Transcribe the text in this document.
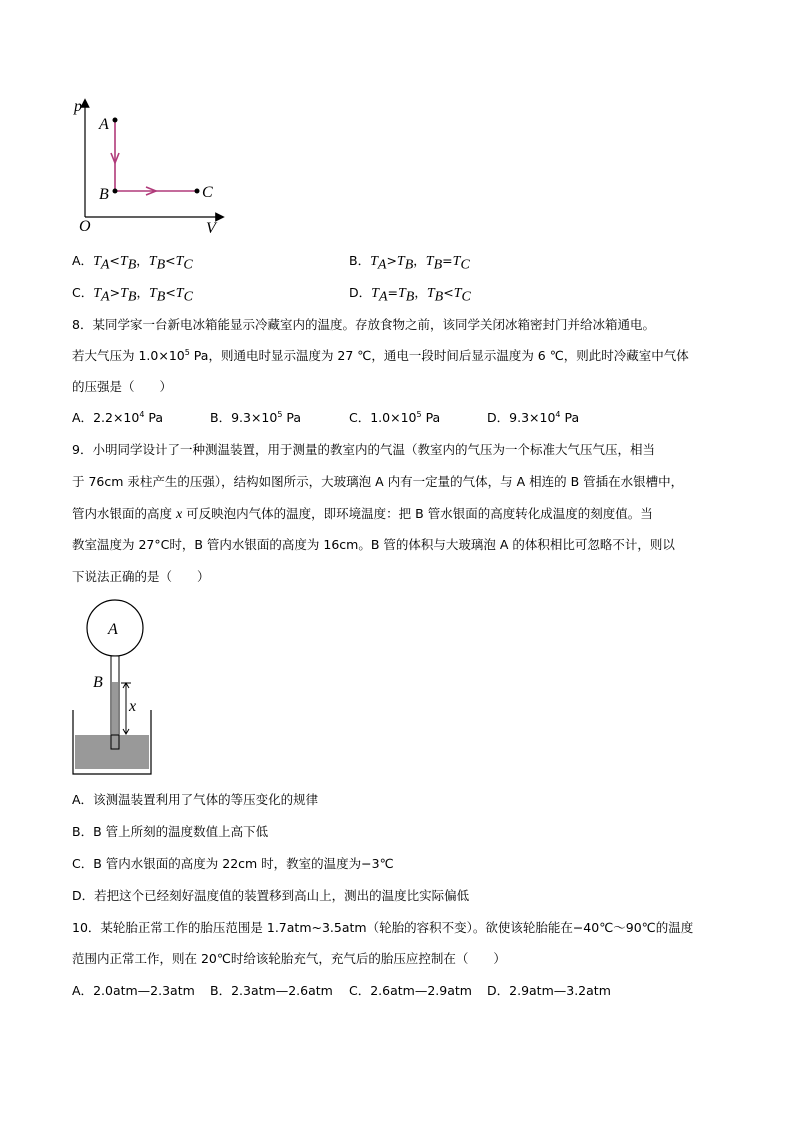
p
V
O
A
B	C
A．$T_A<T_B$，$T_B<T_C$	B．$T_A>T_B$，$T_B=T_C$
C．$T_A>T_B$，$T_B<T_C$	D．$T_A=T_B$，$T_B<T_C$
8．某同学家一台新电冰箱能显示冷藏室内的温度。存放食物之前，该同学关闭冰箱密封门并给冰箱通电。
若大气压为 $1.0\times 10^5$ Pa，则通电时显示温度为 27 ℃，通电一段时间后显示温度为 6 ℃，则此时冷藏室中气体
的压强是（　　）
A．$2.2\times 10^4$ Pa	B．$9.3\times 10^5$ Pa	C．$1.0\times 10^5$ Pa	D．$9.3\times 10^4$ Pa
9．小明同学设计了一种测温装置，用于测量的教室内的气温（教室内的气压为一个标准大气压气压，相当
于 76cm 汞柱产生的压强），结构如图所示，大玻璃泡 A 内有一定量的气体，与 A 相连的 B 管插在水银槽中，
管内水银面的高度 x 可反映泡内气体的温度，即环境温度：把 B 管水银面的高度转化成温度的刻度值。当
教室温度为 27°C时，B 管内水银面的高度为 16cm。B 管的体积与大玻璃泡 A 的体积相比可忽略不计，则以
下说法正确的是（　　）
A
B
x
A．该测温装置利用了气体的等压变化的规律
B．B 管上所刻的温度数值上高下低
C．B 管内水银面的高度为 22cm 时，教室的温度为−3℃
D．若把这个已经刻好温度值的装置移到高山上，测出的温度比实际偏低
10．某轮胎正常工作的胎压范围是 1.7atm~3.5atm（轮胎的容积不变）。欲使该轮胎能在−40℃～90℃的温度
范围内正常工作，则在 20℃时给该轮胎充气，充气后的胎压应控制在（　　）
A．2.0atm—2.3atm B．2.3atm—2.6atm C．2.6atm—2.9atm D．2.9atm—3.2atm
